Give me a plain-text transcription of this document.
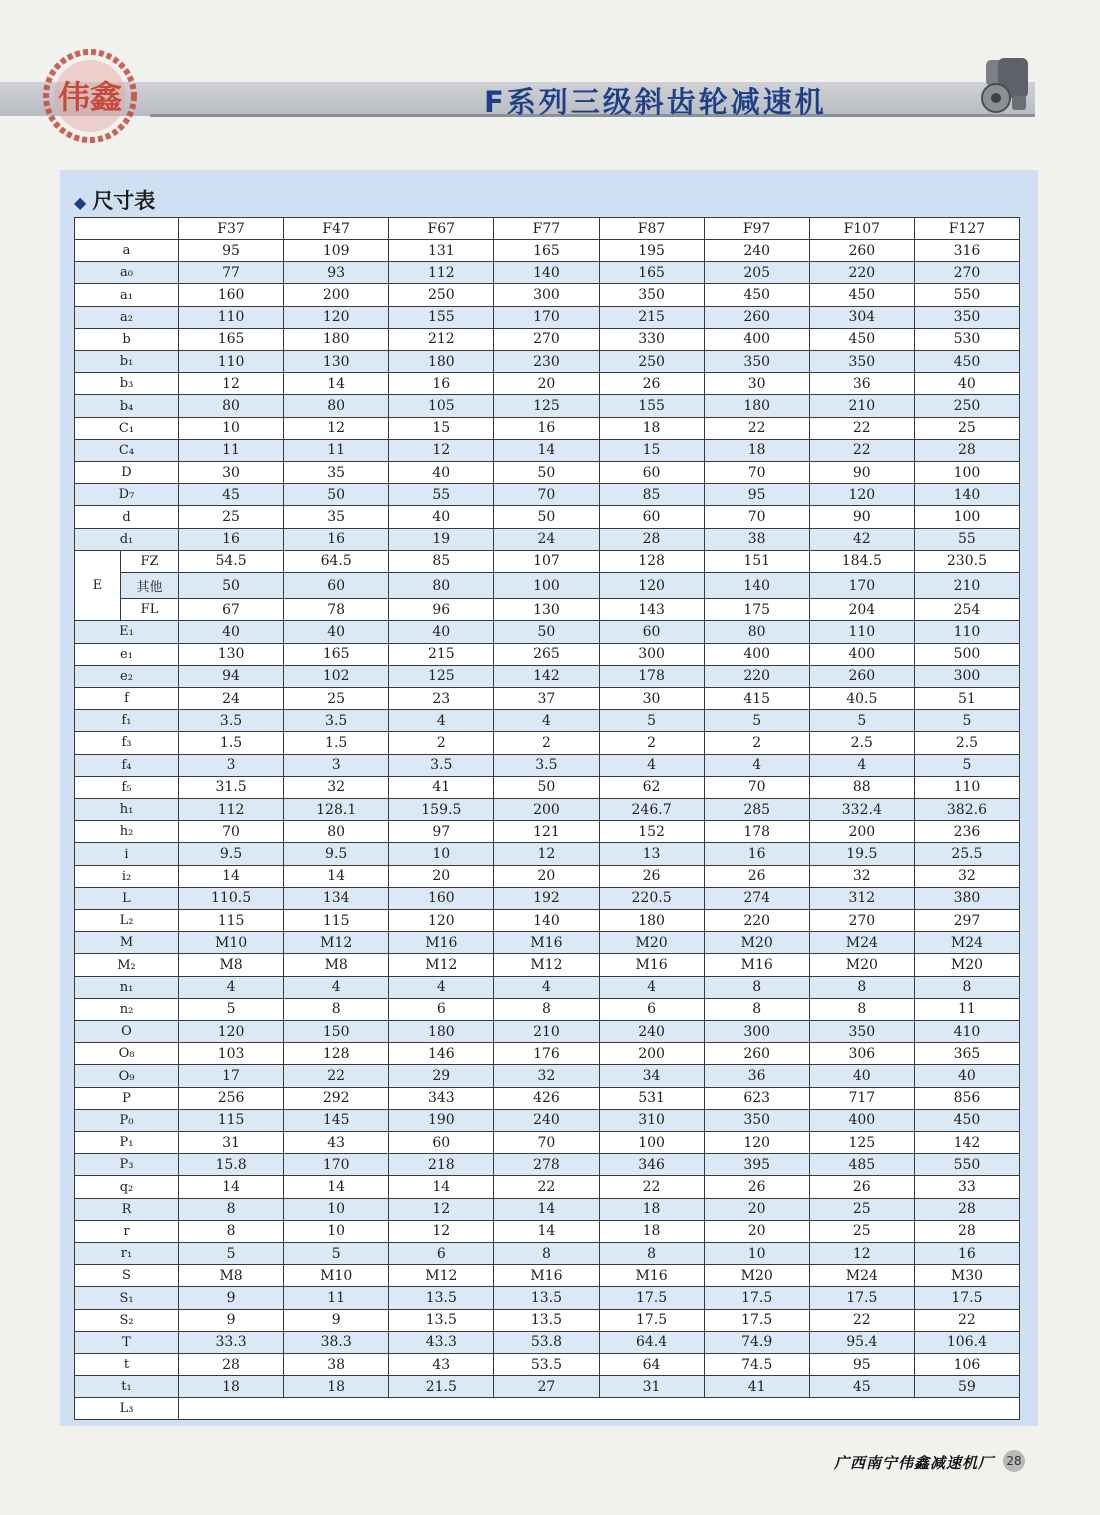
伟鑫	F系列三级斜齿轮减速机
◆ 尺寸表
		F37	F47	F67	F77	F87	F97	F107	F127
a		95	109	131	165	195	240	260	316
a₀		77	93	112	140	165	205	220	270
a₁		160	200	250	300	350	450	450	550
a₂		110	120	155	170	215	260	304	350
b		165	180	212	270	330	400	450	530
b₁		110	130	180	230	250	350	350	450
b₃		12	14	16	20	26	30	36	40
b₄		80	80	105	125	155	180	210	250
C₁		10	12	15	16	18	22	22	25
C₄		11	11	12	14	15	18	22	28
D		30	35	40	50	60	70	90	100
D₇		45	50	55	70	85	95	120	140
d		25	35	40	50	60	70	90	100
d₁		16	16	19	24	28	38	42	55
E	FZ	54.5	64.5	85	107	128	151	184.5	230.5
	其他	50	60	80	100	120	140	170	210
	FL	67	78	96	130	143	175	204	254
E₁		40	40	40	50	60	80	110	110
e₁		130	165	215	265	300	400	400	500
e₂		94	102	125	142	178	220	260	300
f		24	25	23	37	30	415	40.5	51
f₁		3.5	3.5	4	4	5	5	5	5
f₃		1.5	1.5	2	2	2	2	2.5	2.5
f₄		3	3	3.5	3.5	4	4	4	5
f₅		31.5	32	41	50	62	70	88	110
h₁		112	128.1	159.5	200	246.7	285	332.4	382.6
h₂		70	80	97	121	152	178	200	236
i		9.5	9.5	10	12	13	16	19.5	25.5
i₂		14	14	20	20	26	26	32	32
L		110.5	134	160	192	220.5	274	312	380
L₂		115	115	120	140	180	220	270	297
M		M10	M12	M16	M16	M20	M20	M24	M24
M₂		M8	M8	M12	M12	M16	M16	M20	M20
n₁		4	4	4	4	4	8	8	8
n₂		5	8	6	8	6	8	8	11
O		120	150	180	210	240	300	350	410
O₈		103	128	146	176	200	260	306	365
O₉		17	22	29	32	34	36	40	40
P		256	292	343	426	531	623	717	856
P₀		115	145	190	240	310	350	400	450
P₁		31	43	60	70	100	120	125	142
P₃		15.8	170	218	278	346	395	485	550
q₂		14	14	14	22	22	26	26	33
R		8	10	12	14	18	20	25	28
r		8	10	12	14	18	20	25	28
r₁		5	5	6	8	8	10	12	16
S		M8	M10	M12	M16	M16	M20	M24	M30
S₁		9	11	13.5	13.5	17.5	17.5	17.5	17.5
S₂		9	9	13.5	13.5	17.5	17.5	22	22
T		33.3	38.3	43.3	53.8	64.4	74.9	95.4	106.4
t		28	38	43	53.5	64	74.5	95	106
t₁		18	18	21.5	27	31	41	45	59
L₃									
广西南宁伟鑫减速机厂 28
